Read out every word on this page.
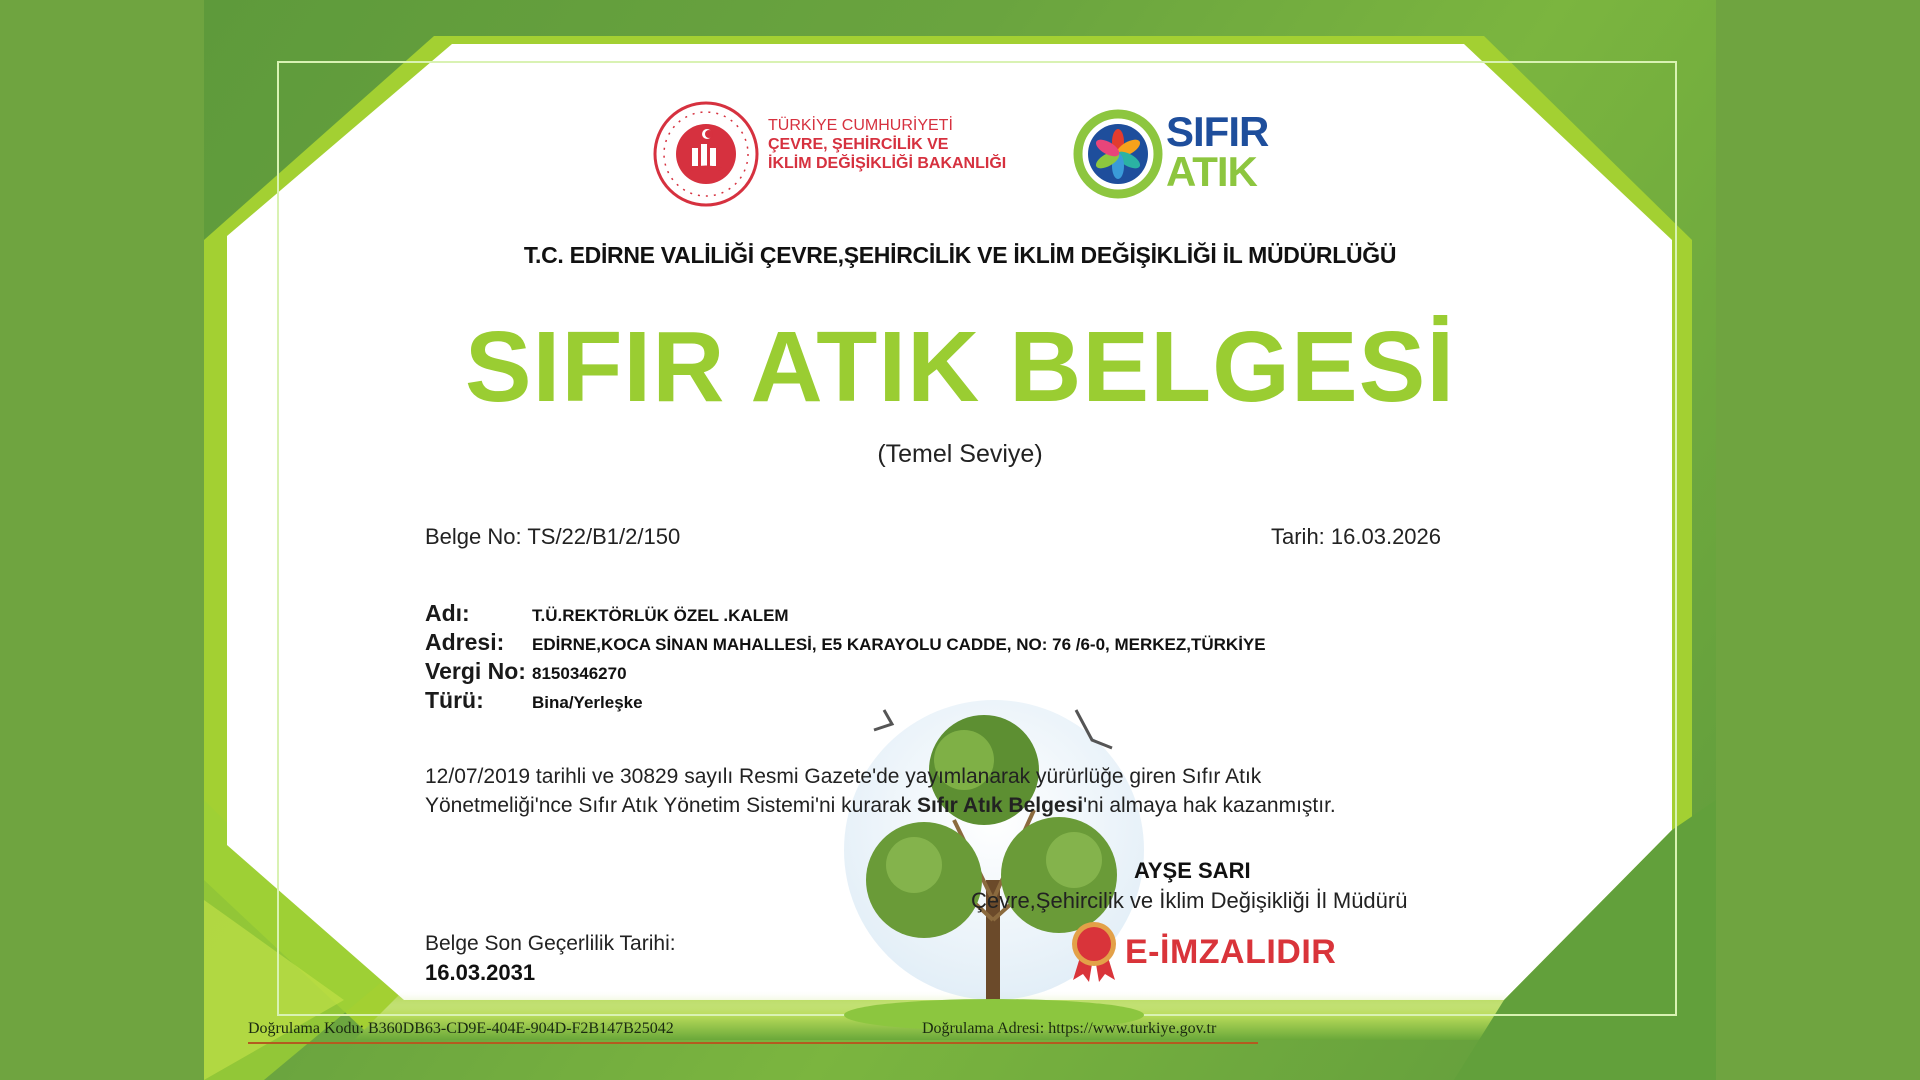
TÜRKİYE CUMHURİYETİ
ÇEVRE, ŞEHİRCİLİK VE
İKLİM DEĞİŞİKLİĞİ BAKANLIĞI
SIFIR
ATIK
T.C. EDİRNE VALİLİĞİ ÇEVRE,ŞEHİRCİLİK VE İKLİM DEĞİŞİKLİĞİ İL MÜDÜRLÜĞÜ
SIFIR ATIK BELGESİ
(Temel Seviye)
Belge No: TS/22/B1/2/150	Tarih: 16.03.2026
Adı:	T.Ü.REKTÖRLÜK ÖZEL .KALEM
Adresi:	EDİRNE,KOCA SİNAN MAHALLESİ, E5 KARAYOLU CADDE, NO: 76 /6-0, MERKEZ,TÜRKİYE
Vergi No: 8150346270
Türü:	Bina/Yerleşke
12/07/2019 tarihli ve 30829 sayılı Resmi Gazete'de yayımlanarak yürürlüğe giren Sıfır Atık
Yönetmeliği'nce Sıfır Atık Yönetim Sistemi'ni kurarak Sıfır Atık Belgesi'ni almaya hak kazanmıştır.
AYŞE SARI
Çevre,Şehircilik ve İklim Değişikliği İl Müdürü
E-İMZALIDIR
Belge Son Geçerlilik Tarihi:
16.03.2031
Doğrulama Kodu: B360DB63-CD9E-404E-904D-F2B147B25042	Doğrulama Adresi: https://www.turkiye.gov.tr
